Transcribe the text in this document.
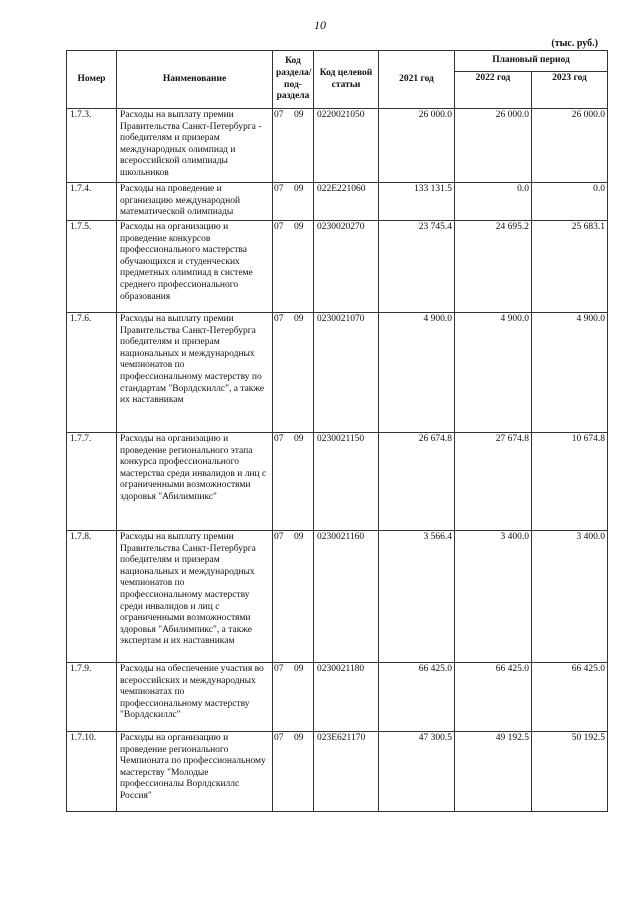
10
(тыс. руб.)
Номер	Наименование	Код раздела/ под- раздела	Код целевой статьи	2021 год	Плановый период	
					2022 год	2023 год
1.7.3.	Расходы на выплату премии Правительства Санкт-Петербурга - победителям и призерам международных олимпиад и всероссийской олимпиады школьников	07 09	0220021050	26 000.0	26 000.0	26 000.0
1.7.4.	Расходы на проведение и организацию международной математической олимпиады	07 09	022E221060	133 131.5	0.0	0.0
1.7.5.	Расходы на организацию и проведение конкурсов профессионального мастерства обучающихся и студенческих предметных олимпиад в системе среднего профессионального образования	07 09	0230020270	23 745.4	24 695.2	25 683.1
1.7.6.	Расходы на выплату премии Правительства Санкт-Петербурга победителям и призерам национальных и международных чемпионатов по профессиональному мастерству по стандартам "Ворлдскиллс", а также их наставникам	07 09	0230021070	4 900.0	4 900.0	4 900.0
1.7.7.	Расходы на организацию и проведение регионального этапа конкурса профессионального мастерства среди инвалидов и лиц с ограниченными возможностями здоровья "Абилимпикс"	07 09	0230021150	26 674.8	27 674.8	10 674.8
1.7.8.	Расходы на выплату премии Правительства Санкт-Петербурга победителям и призерам национальных и международных чемпионатов по профессиональному мастерству среди инвалидов и лиц с ограниченными возможностями здоровья "Абилимпикс", а также экспертам и их наставникам	07 09	0230021160	3 566.4	3 400.0	3 400.0
1.7.9.	Расходы на обеспечение участия во всероссийских и международных чемпионатах по профессиональному мастерству "Ворлдскиллс"	07 09	0230021180	66 425.0	66 425.0	66 425.0
1.7.10.	Расходы на организацию и проведение регионального Чемпионата по профессиональному мастерству "Молодые профессионалы Ворлдскиллс Россия"	07 09	023E621170	47 300.5	49 192.5	50 192.5
